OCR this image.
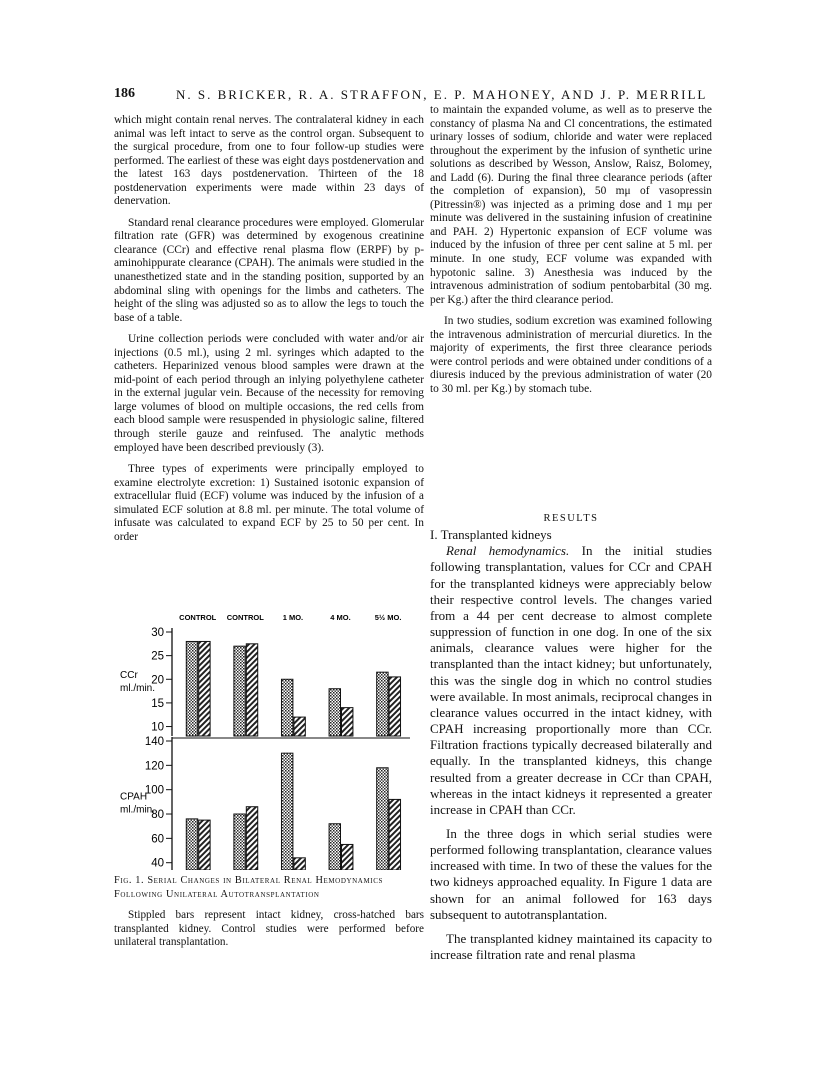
186	N. S. BRICKER, R. A. STRAFFON, E. P. MAHONEY, AND J. P. MERRILL

which might contain renal nerves. The contralateral kidney in each animal was left intact to serve as the control organ. Subsequent to the surgical procedure, from one to four follow-up studies were performed. The earliest of these was eight days postdenervation and the latest 163 days postdenervation. Thirteen of the 18 postdenervation experiments were made within 23 days of denervation.

Standard renal clearance procedures were employed. Glomerular filtration rate (GFR) was determined by exogenous creatinine clearance (CCr) and effective renal plasma flow (ERPF) by p-aminohippurate clearance (CPAH). The animals were studied in the unanesthetized state and in the standing position, supported by an abdominal sling with openings for the limbs and catheters. The height of the sling was adjusted so as to allow the legs to touch the base of a table.

Urine collection periods were concluded with water and/or air injections (0.5 ml.), using 2 ml. syringes which adapted to the catheters. Heparinized venous blood samples were drawn at the mid-point of each period through an inlying polyethylene catheter in the external jugular vein. Because of the necessity for removing large volumes of blood on multiple occasions, the red cells from each blood sample were resuspended in physiologic saline, filtered through sterile gauze and reinfused. The analytic methods employed have been described previously (3).

Three types of experiments were principally employed to examine electrolyte excretion: 1) Sustained isotonic expansion of extracellular fluid (ECF) volume was induced by the infusion of a simulated ECF solution at 8.8 ml. per minute. The total volume of infusate was calculated to expand ECF by 25 to 50 per cent. In order

to maintain the expanded volume, as well as to preserve the constancy of plasma Na and Cl concentrations, the estimated urinary losses of sodium, chloride and water were replaced throughout the experiment by the infusion of synthetic urine solutions as described by Wesson, Anslow, Raisz, Bolomey, and Ladd (6). During the final three clearance periods (after the completion of expansion), 50 mμ of vasopressin (Pitressin®) was injected as a priming dose and 1 mμ per minute was delivered in the sustaining infusion of creatinine and PAH. 2) Hypertonic expansion of ECF volume was induced by the infusion of three per cent saline at 5 ml. per minute. In one study, ECF volume was expanded with hypotonic saline. 3) Anesthesia was induced by the intravenous administration of sodium pentobarbital (30 mg. per Kg.) after the third clearance period.

In two studies, sodium excretion was examined following the intravenous administration of mercurial diuretics. In the majority of experiments, the first three clearance periods were control periods and were obtained under conditions of a diuresis induced by the previous administration of water (20 to 30 ml. per Kg.) by stomach tube.

RESULTS

I. Transplanted kidneys

Renal hemodynamics. In the initial studies following transplantation, values for CCr and CPAH for the transplanted kidneys were appreciably below their respective control levels. The changes varied from a 44 per cent decrease to almost complete suppression of function in one dog. In one of the six animals, clearance values were higher for the transplanted than the intact kidney; but unfortunately, this was the single dog in which no control studies were available. In most animals, reciprocal changes in clearance values occurred in the intact kidney, with CPAH increasing proportionally more than CCr. Filtration fractions typically decreased bilaterally and equally. In the transplanted kidneys, this change resulted from a greater decrease in CCr than CPAH, whereas in the intact kidneys it represented a greater increase in CPAH than CCr.

In the three dogs in which serial studies were performed following transplantation, clearance values increased with time. In two of these the values for the two kidneys approached equality. In Figure 1 data are shown for an animal followed for 163 days subsequent to autotransplantation.

The transplanted kidney maintained its capacity to increase filtration rate and renal plasma

10
15
20
25
30
CCr ml./min.
CONTROL CONTROL	1 MO.	4 MO.	5½ MO.
40
60
80
100
120
140
CPAH ml./min.
Fig. 1. Serial Changes in Bilateral Renal Hemodynamics Following Unilateral Autotransplantation
Stippled bars represent intact kidney, cross-hatched bars transplanted kidney. Control studies were performed before unilateral transplantation.
